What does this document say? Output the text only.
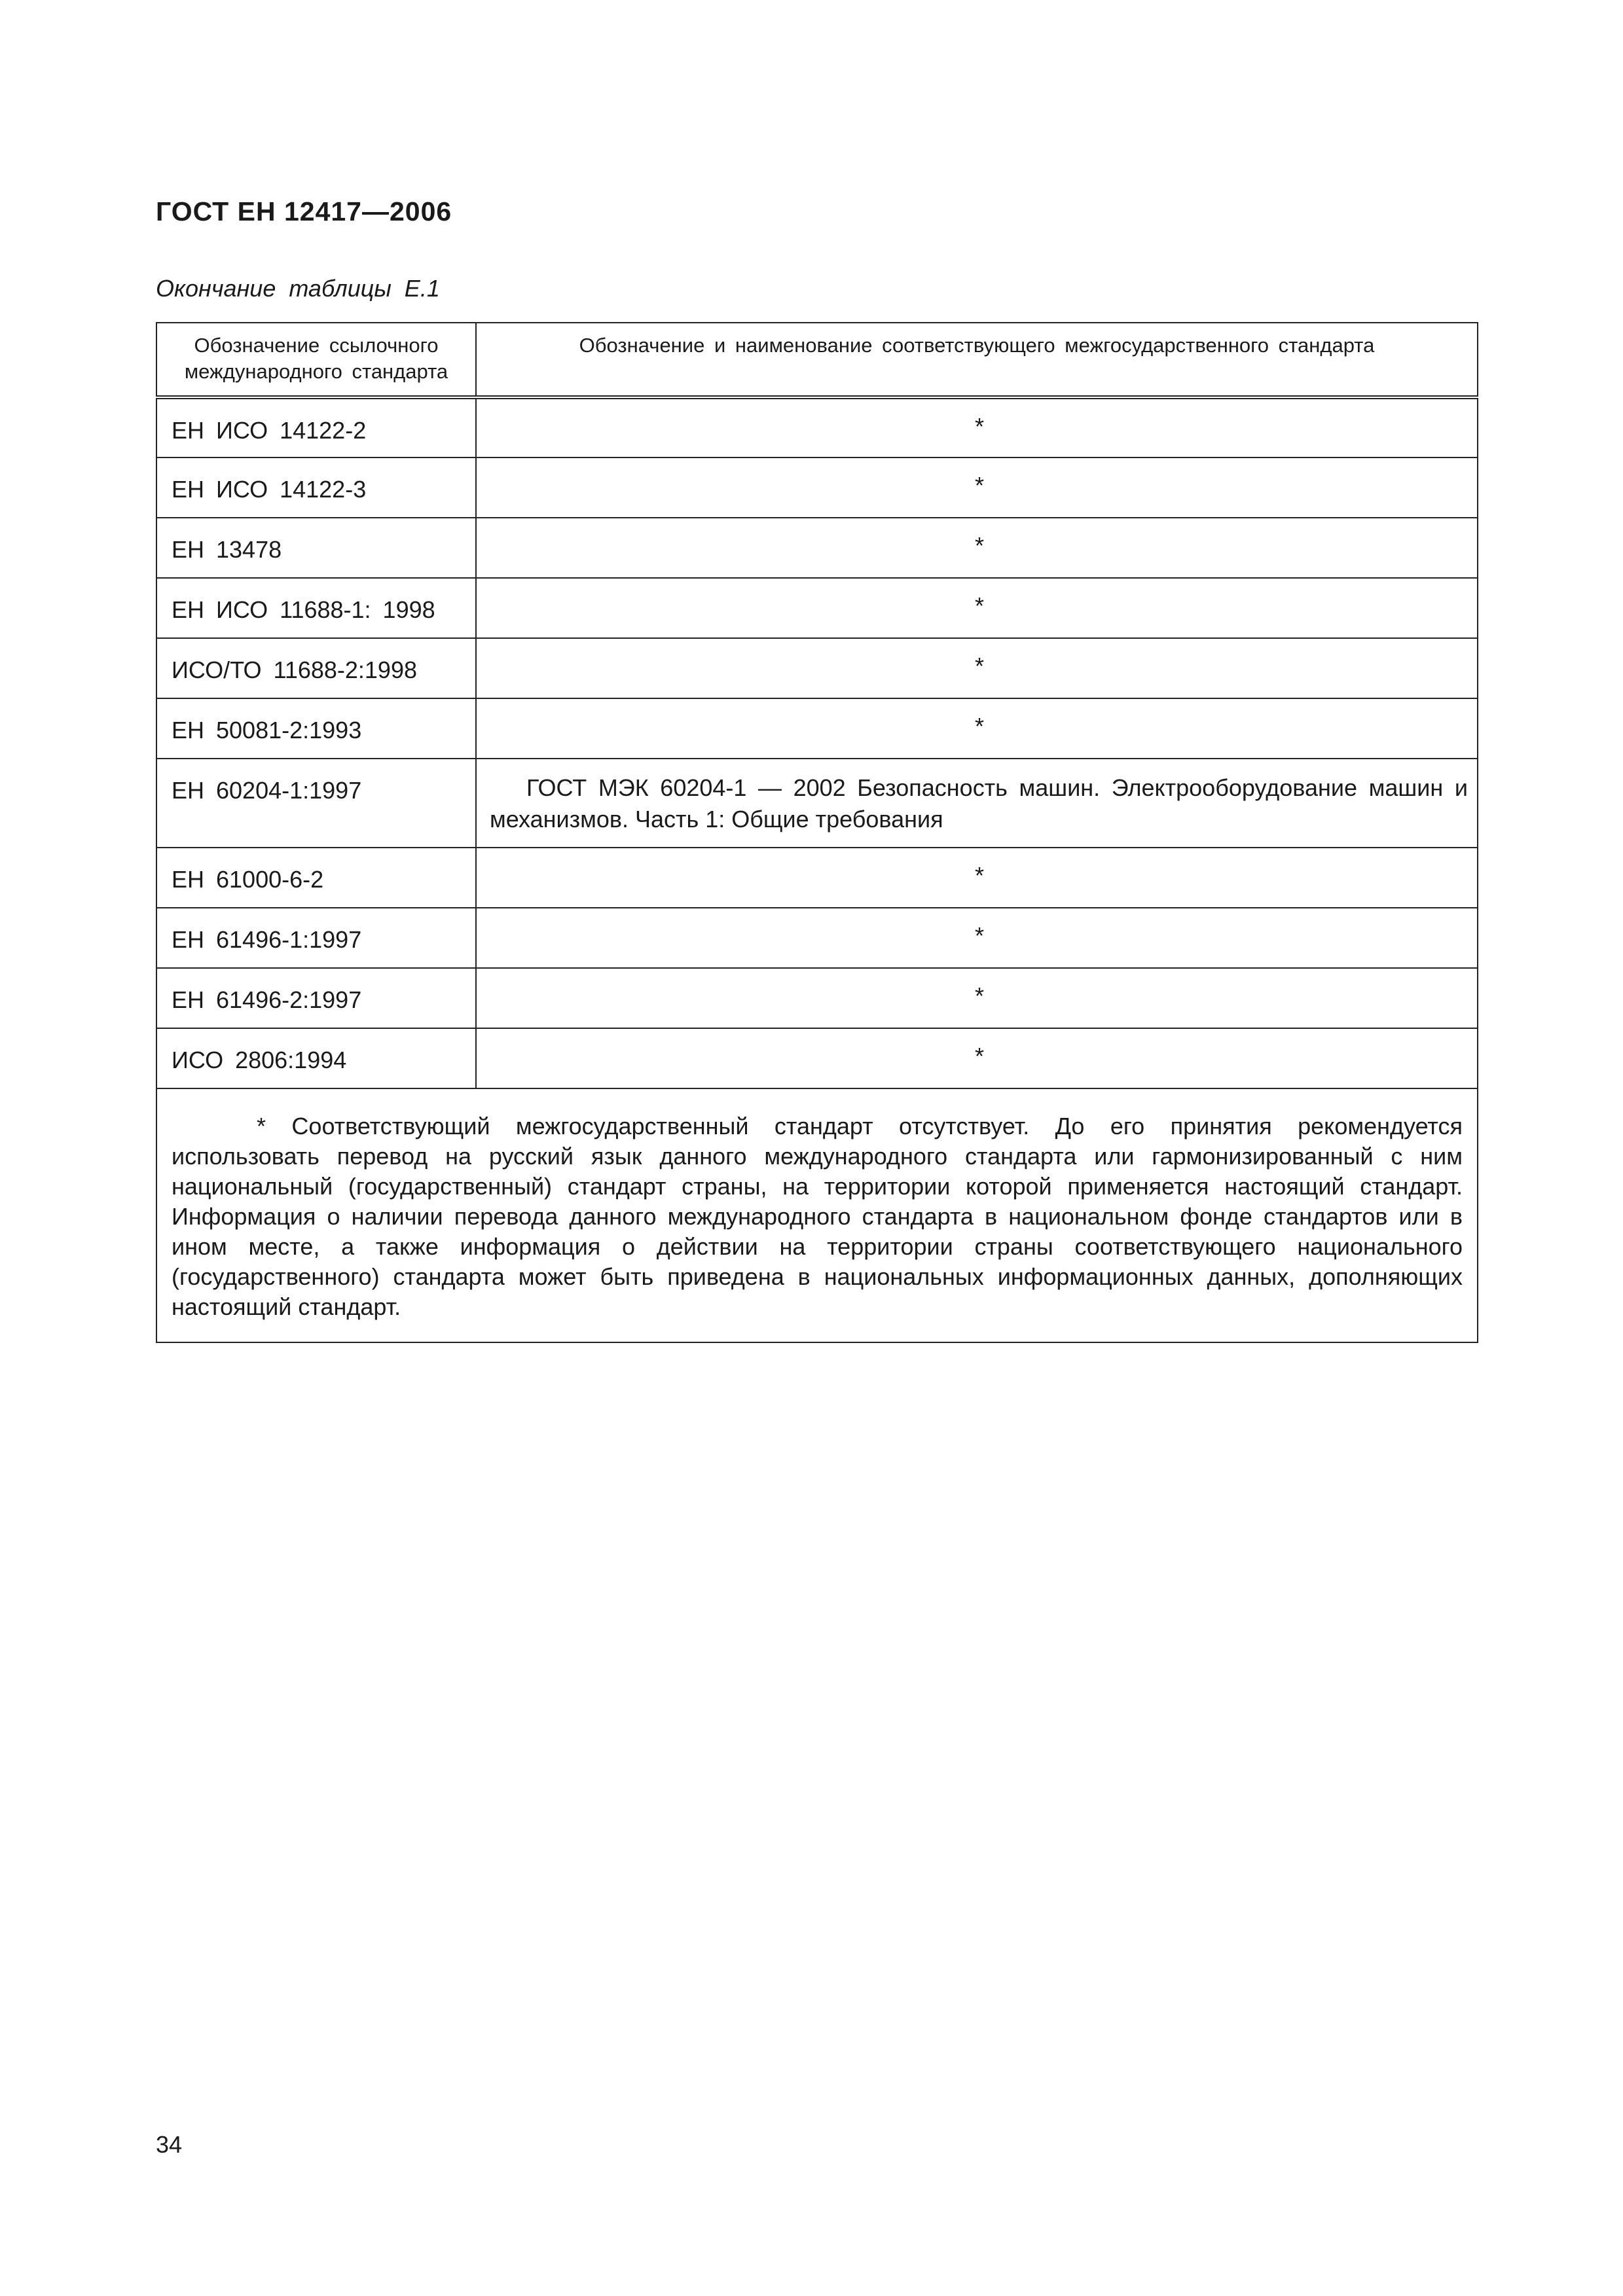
ГОСТ ЕН 12417—2006
Окончание таблицы Е.1
Обозначение ссылочного международного стандарта	Обозначение и наименование соответствующего межгосударственного стандарта
ЕН ИСО 14122-2	*
ЕН ИСО 14122-3	*
ЕН 13478	*
ЕН ИСО 11688-1: 1998	*
ИСО/ТО 11688-2:1998	*
ЕН 50081-2:1993	*
ЕН 60204-1:1997	ГОСТ МЭК 60204-1 — 2002 Безопасность машин. Электрооборудование машин и механизмов. Часть 1: Общие требования
ЕН 61000-6-2	*
ЕН 61496-1:1997	*
ЕН 61496-2:1997	*
ИСО 2806:1994	*
* Соответствующий межгосударственный стандарт отсутствует. До его принятия рекомендуется использовать перевод на русский язык данного международного стандарта или гармонизированный с ним национальный (государственный) стандарт страны, на территории которой применяется настоящий стандарт. Информация о наличии перевода данного международного стандарта в национальном фонде стандартов или в ином месте, а также информация о действии на территории страны соответствующего национального (государственного) стандарта может быть приведена в национальных информационных данных, дополняющих настоящий стандарт.	
34
